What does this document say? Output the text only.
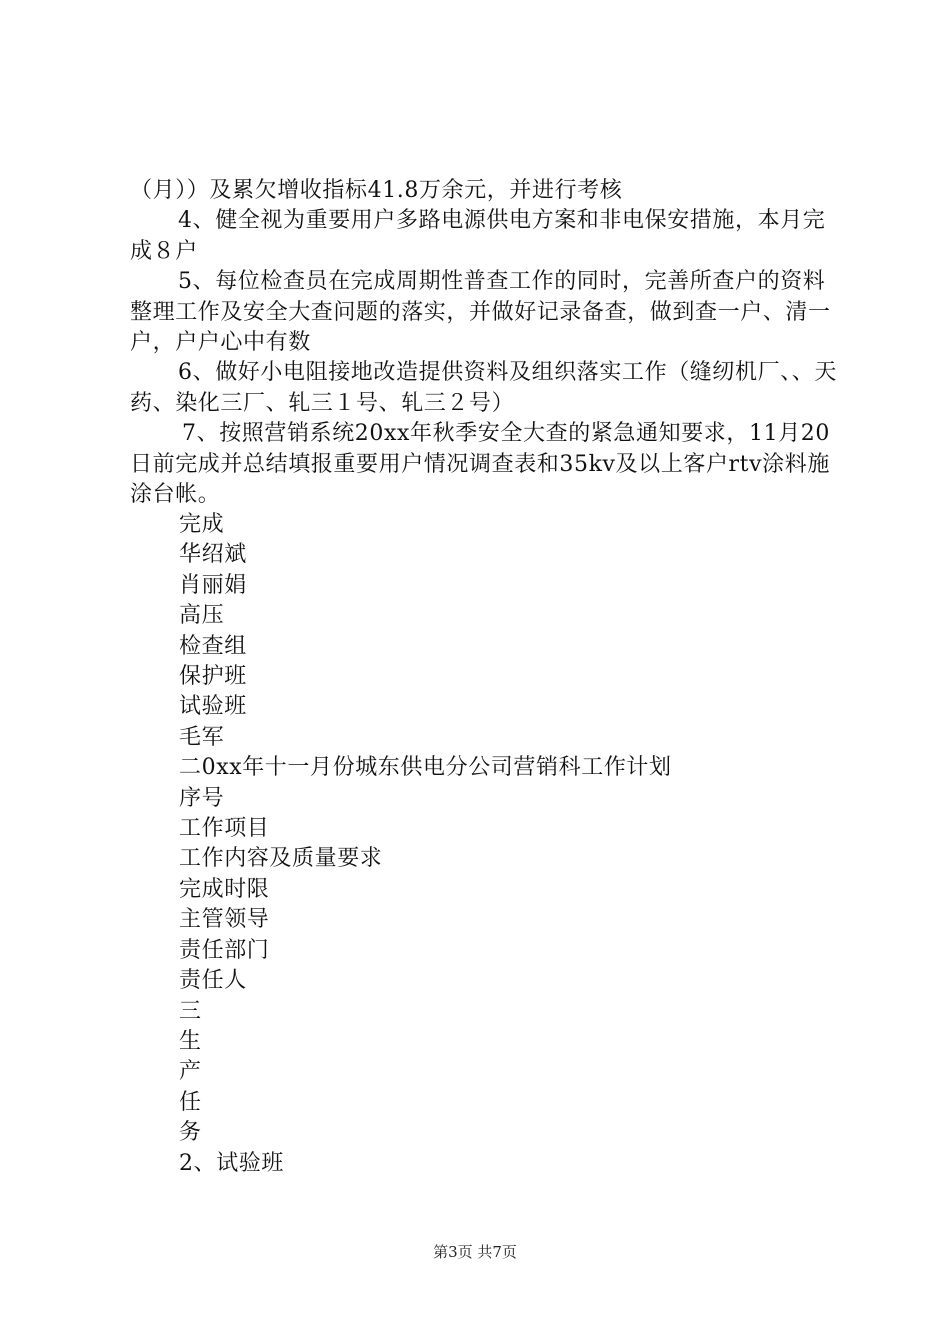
（月））及累欠增收指标41.8万余元，并进行考核

4、健全视为重要用户多路电源供电方案和非电保安措施，本月完成８户

5、每位检查员在完成周期性普查工作的同时，完善所查户的资料整理工作及安全大查问题的落实，并做好记录备查，做到查一户、清一户，户户心中有数

6、做好小电阻接地改造提供资料及组织落实工作（缝纫机厂、、天药、染化三厂、轧三１号、轧三２号）

7、按照营销系统20xx年秋季安全大查的紧急通知要求，11月20日前完成并总结填报重要用户情况调查表和35kv及以上客户rtv涂料施涂台帐。

完成
华绍斌
肖丽娟
高压
检查组
保护班
试验班
毛军
二0xx年十一月份城东供电分公司营销科工作计划
序号
工作项目
工作内容及质量要求
完成时限
主管领导
责任部门
责任人
三
生
产
任
务
2、试验班
第3页 共7页
